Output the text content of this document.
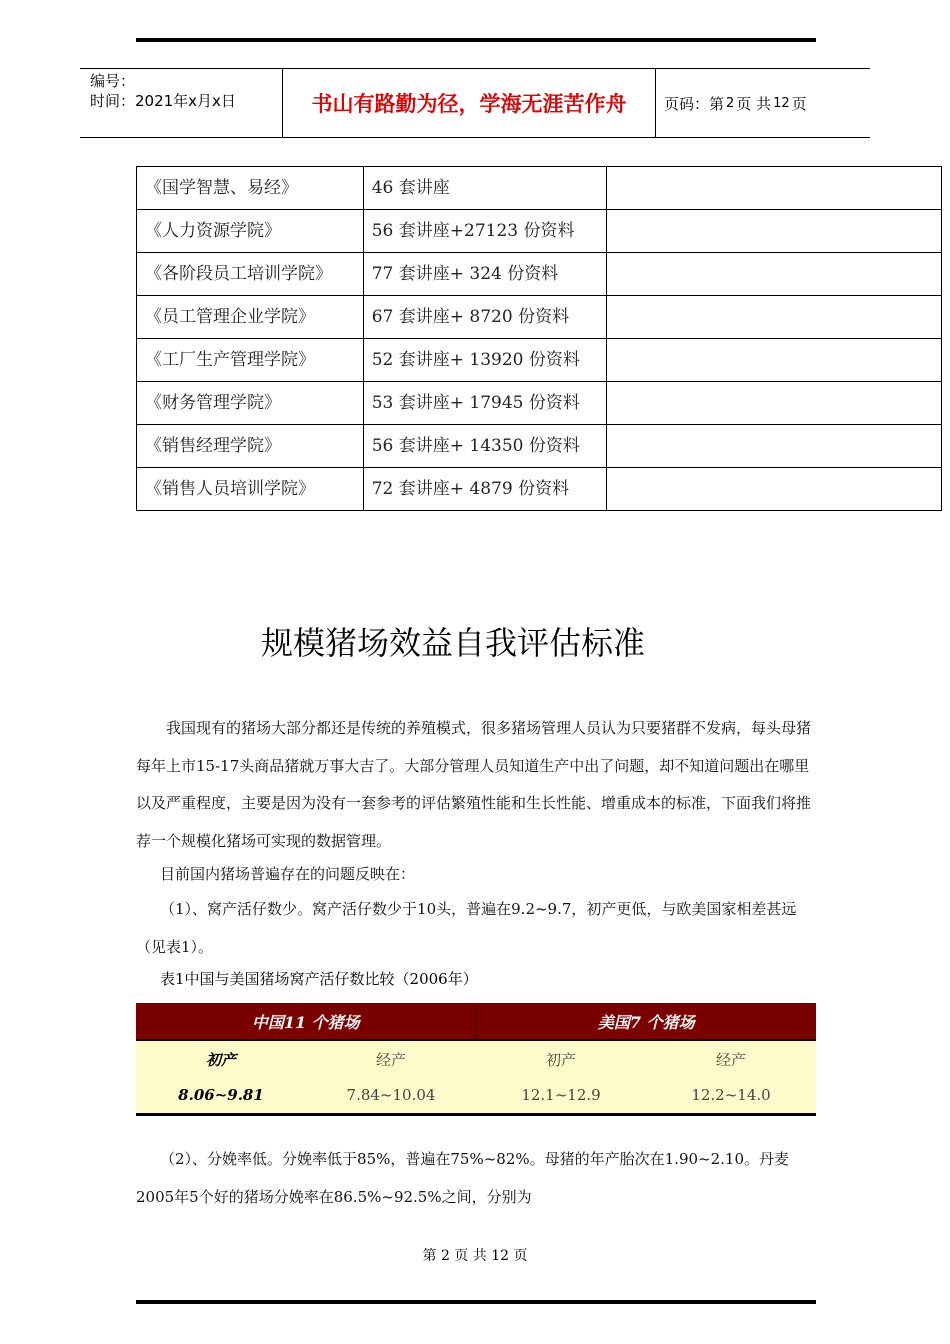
编号：
时间：2021年x月x日	书山有路勤为径，学海无涯苦作舟	页码：第 2 页 共 12 页
《国学智慧、易经》	46 套讲座	
《人力资源学院》	56 套讲座+27123 份资料	
《各阶段员工培训学院》	77 套讲座+ 324 份资料	
《员工管理企业学院》	67 套讲座+ 8720 份资料	
《工厂生产管理学院》	52 套讲座+ 13920 份资料	
《财务管理学院》	53 套讲座+ 17945 份资料	
《销售经理学院》	56 套讲座+ 14350 份资料	
《销售人员培训学院》	72 套讲座+ 4879 份资料	
规模猪场效益自我评估标准
我国现有的猪场大部分都还是传统的养殖模式，很多猪场管理人员认为只要猪群不发病，每头母猪每年上市15-17头商品猪就万事大吉了。大部分管理人员知道生产中出了问题，却不知道问题出在哪里以及严重程度，主要是因为没有一套参考的评估繁殖性能和生长性能、增重成本的标准，下面我们将推荐一个规模化猪场可实现的数据管理。
目前国内猪场普遍存在的问题反映在：
（1）、窝产活仔数少。窝产活仔数少于10头，普遍在9.2~9.7，初产更低，与欧美国家相差甚远（见表1）。
表1中国与美国猪场窝产活仔数比较（2006年）
中国11 个猪场	美国7 个猪场
初产	经产	初产	经产
8.06~9.81	7.84~10.04	12.1~12.9	12.2~14.0
（2）、分娩率低。分娩率低于85%，普遍在75%~82%。母猪的年产胎次在1.90~2.10。丹麦2005年5个好的猪场分娩率在86.5%~92.5%之间，分别为
第 2 页 共 12 页
